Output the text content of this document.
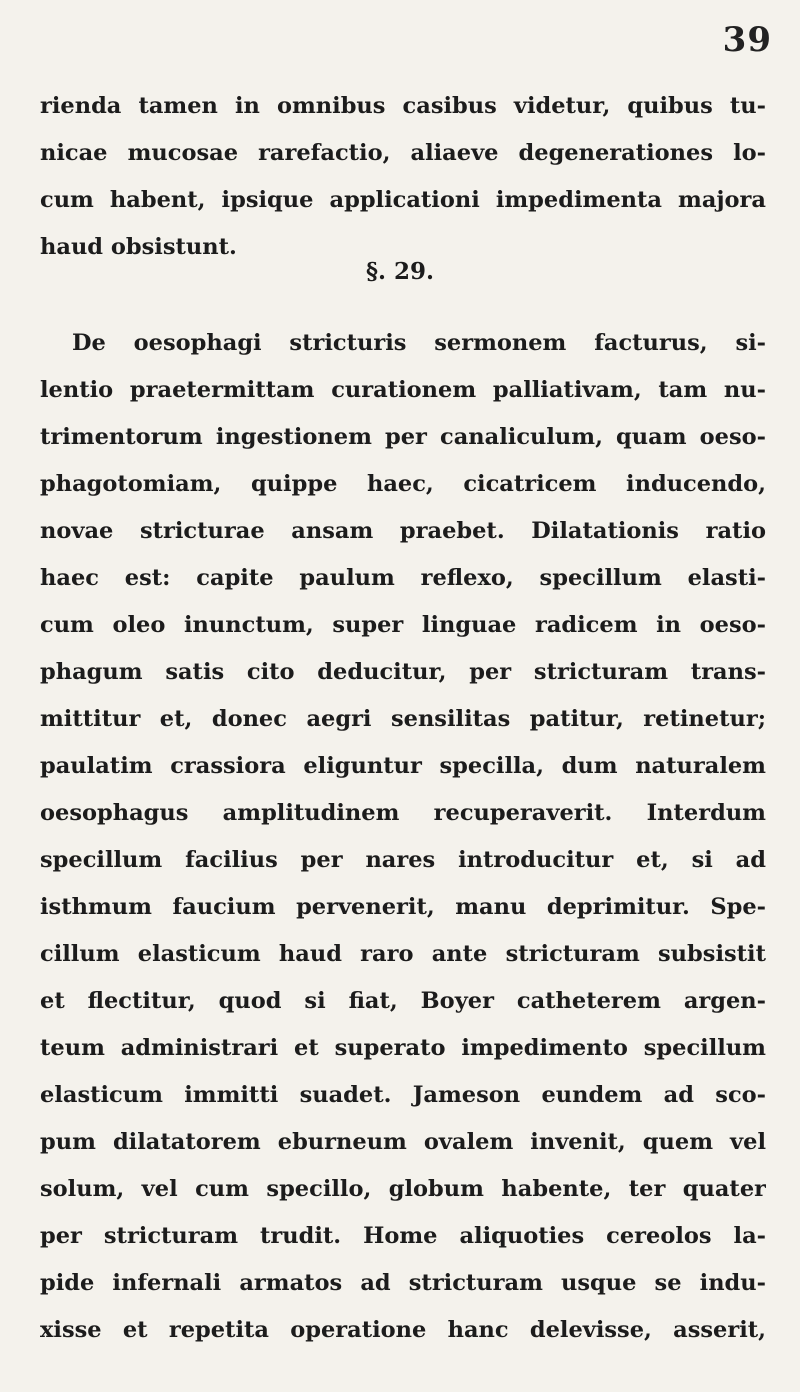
39
rienda tamen in omnibus casibus videtur, quibus tu-
nicae mucosae rarefactio, aliaeve degenerationes lo-
cum habent, ipsique applicationi impedimenta majora
haud obsistunt.
§. 29.
De oesophagi stricturis sermonem facturus, si-
lentio praetermittam curationem palliativam, tam nu-
trimentorum ingestionem per canaliculum, quam oeso-
phagotomiam, quippe haec, cicatricem inducendo,
novae stricturae ansam praebet. Dilatationis ratio
haec est: capite paulum reflexo, specillum elasti-
cum oleo inunctum, super linguae radicem in oeso-
phagum satis cito deducitur, per stricturam trans-
mittitur et, donec aegri sensilitas patitur, retinetur;
paulatim crassiora eliguntur specilla, dum naturalem
oesophagus amplitudinem recuperaverit. Interdum
specillum facilius per nares introducitur et, si ad
isthmum faucium pervenerit, manu deprimitur. Spe-
cillum elasticum haud raro ante stricturam subsistit
et flectitur, quod si fiat, Boyer catheterem argen-
teum administrari et superato impedimento specillum
elasticum immitti suadet. Jameson eundem ad sco-
pum dilatatorem eburneum ovalem invenit, quem vel
solum, vel cum specillo, globum habente, ter quater
per stricturam trudit. Home aliquoties cereolos la-
pide infernali armatos ad stricturam usque se indu-
xisse et repetita operatione hanc delevisse, asserit,
